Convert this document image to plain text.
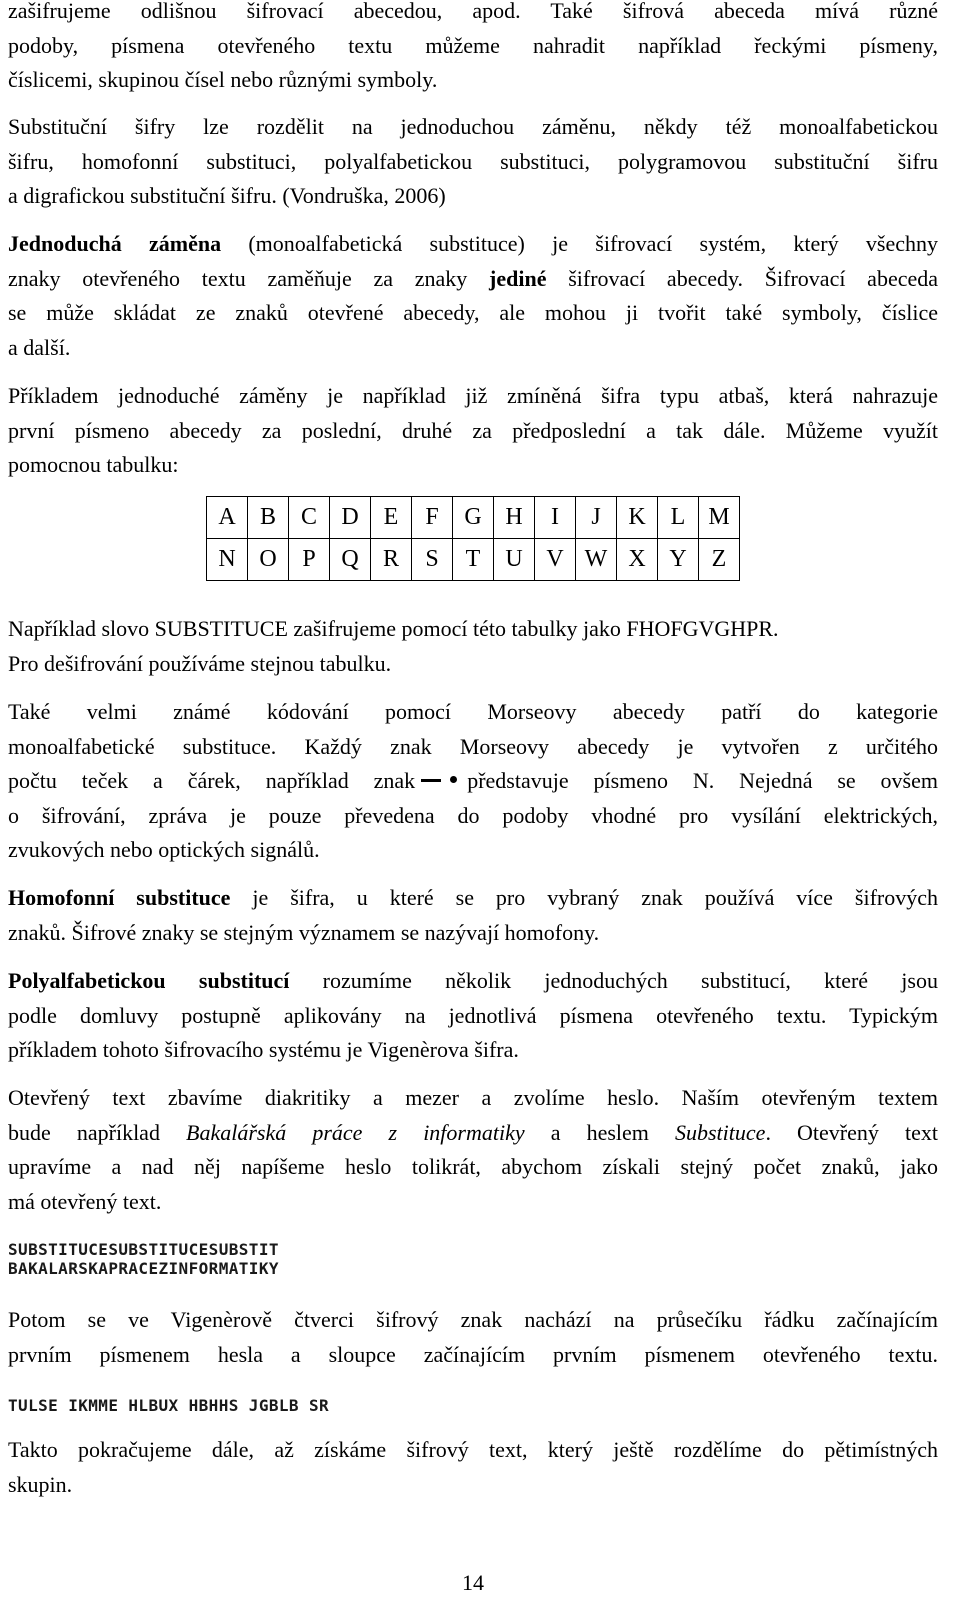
zašifrujeme odlišnou šifrovací abecedou, apod. Také šifrová abeceda mívá různé
podoby, písmena otevřeného textu můžeme nahradit například řeckými písmeny,
číslicemi, skupinou čísel nebo různými symboly.
Substituční šifry lze rozdělit na jednoduchou záměnu, někdy též monoalfabetickou
šifru, homofonní substituci, polyalfabetickou substituci, polygramovou substituční šifru
a digrafickou substituční šifru. (Vondruška, 2006)
Jednoduchá záměna (monoalfabetická substituce) je šifrovací systém, který všechny
znaky otevřeného textu zaměňuje za znaky jediné šifrovací abecedy. Šifrovací abeceda
se může skládat ze znaků otevřené abecedy, ale mohou ji tvořit také symboly, číslice
a další.
Příkladem jednoduché záměny je například již zmíněná šifra typu atbaš, která nahrazuje
první písmeno abecedy za poslední, druhé za předposlední a tak dále. Můžeme využít
pomocnou tabulku:
A	B	C	D	E	F	G	H	I	J	K	L	M
N	O	P	Q	R	S	T	U	V	W	X	Y	Z
Například slovo SUBSTITUCE zašifrujeme pomocí této tabulky jako FHOFGVGHPR.
Pro dešifrování používáme stejnou tabulku.
Také velmi známé kódování pomocí Morseovy abecedy patří do kategorie
monoalfabetické substituce. Každý znak Morseovy abecedy je vytvořen z určitého
počtu teček a čárek, například znak představuje písmeno N. Nejedná se ovšem
o šifrování, zpráva je pouze převedena do podoby vhodné pro vysílání elektrických,
zvukových nebo optických signálů.
Homofonní substituce je šifra, u které se pro vybraný znak používá více šifrových
znaků. Šifrové znaky se stejným významem se nazývají homofony.
Polyalfabetickou substitucí rozumíme několik jednoduchých substitucí, které jsou
podle domluvy postupně aplikovány na jednotlivá písmena otevřeného textu. Typickým
příkladem tohoto šifrovacího systému je Vigenèrova šifra.
Otevřený text zbavíme diakritiky a mezer a zvolíme heslo. Naším otevřeným textem
bude například Bakalářská práce z informatiky a heslem Substituce. Otevřený text
upravíme a nad něj napíšeme heslo tolikrát, abychom získali stejný počet znaků, jako
má otevřený text.
SUBSTITUCESUBSTITUCESUBSTIT
BAKALARSKAPRACEZINFORMATIKY
Potom se ve Vigenèrově čtverci šifrový znak nachází na průsečíku řádku začínajícím
prvním písmenem hesla a sloupce začínajícím prvním písmenem otevřeného textu.
TULSE IKMME HLBUX HBHHS JGBLB SR
Takto pokračujeme dále, až získáme šifrový text, který ještě rozdělíme do pětimístných
skupin.
14
